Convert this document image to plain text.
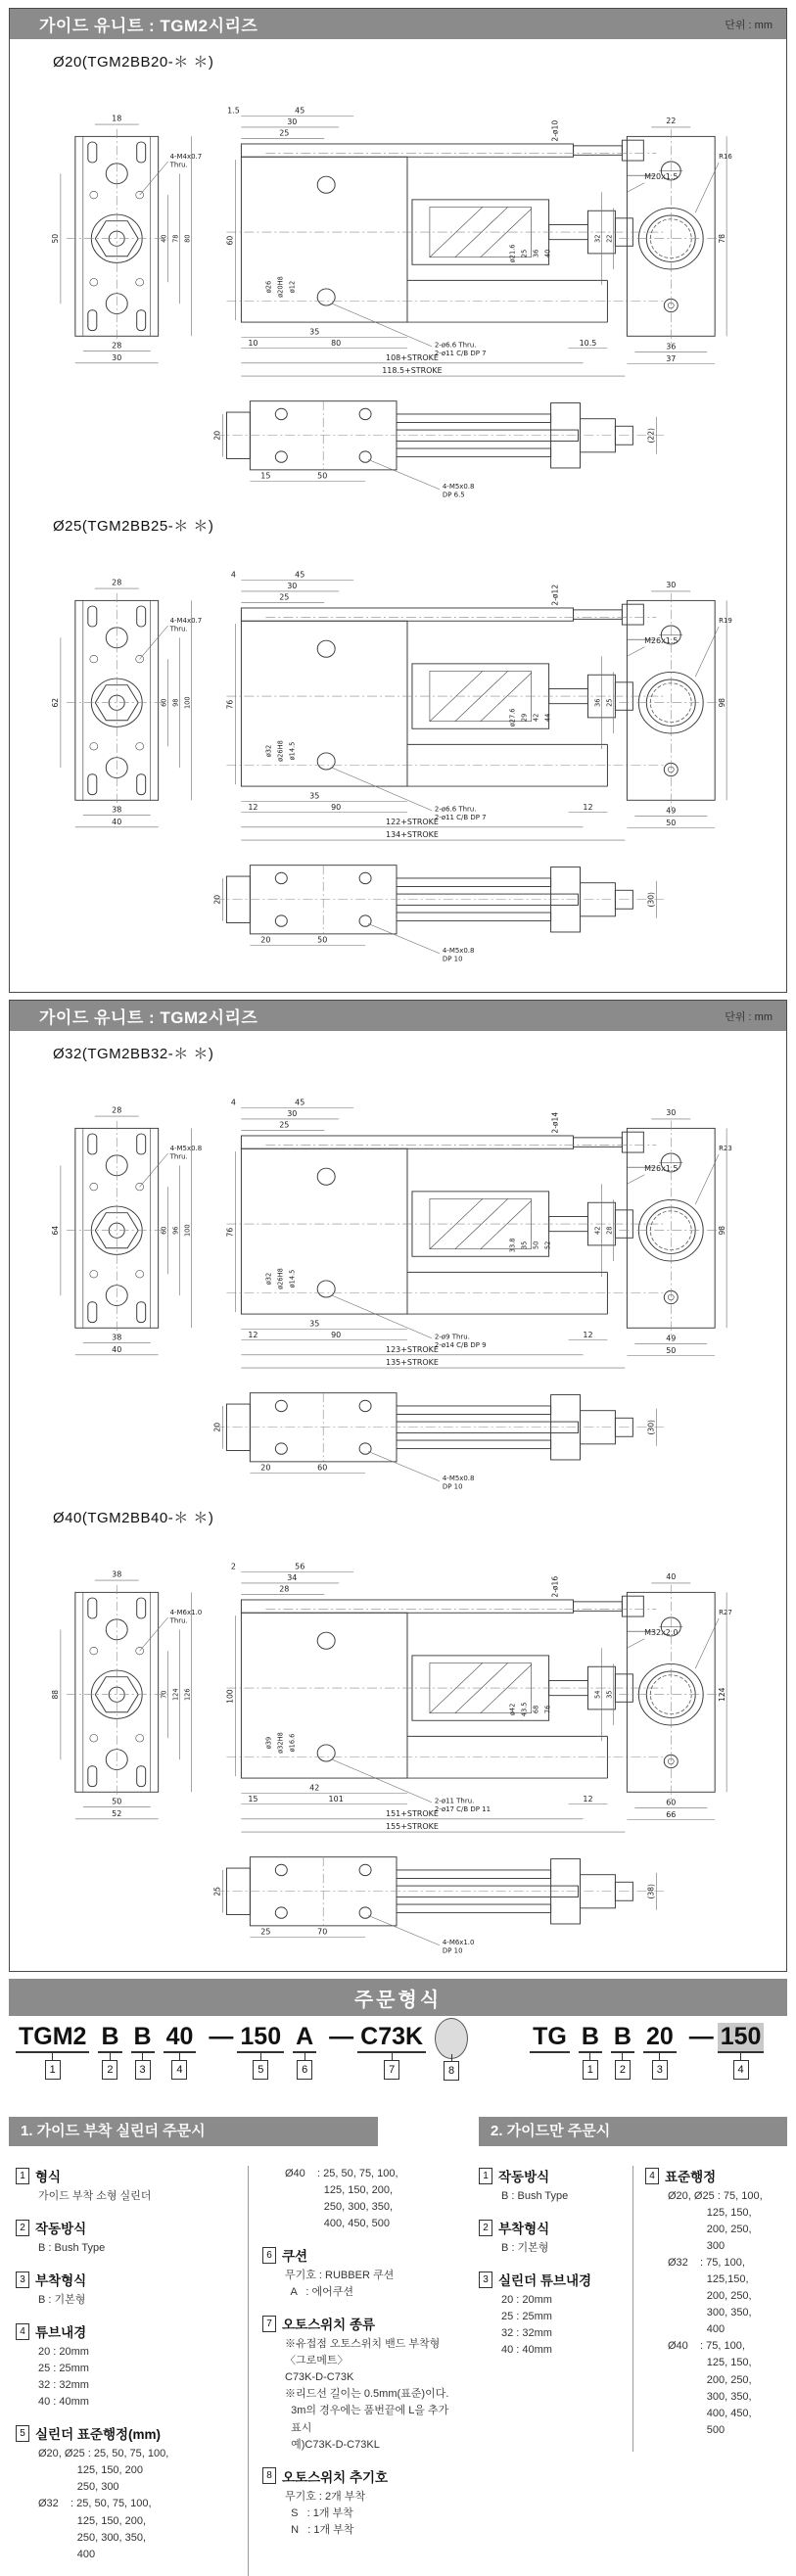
가이드 유니트 : TGM2시리즈	단위 : mm
Ø20(TGM2BB20-＊ ＊)
18
4-M4x0.7
Thru.
50	40 78 80
28
30
1.5	45
30
25	2-ø10
M20x1.5
ø26 ø20H8 ø12
60
ø21.6 25 36 40
2-ø6.6 Thru.
2-ø11 C/B DP 7
35
10	80	10.5
108+STROKE
118.5+STROKE
22
R16
22
32	78
36
37
20
4-M5x0.8
DP 6.5
15	50
(22)
Ø25(TGM2BB25-＊ ＊)
28
4-M4x0.7
Thru.
62	60 98 100
38
40
4	45
30
25	2-ø12
M26x1.5
ø32 ø26H8 ø14.5
76
ø27.6 29 42 44
2-ø6.6 Thru.
2-ø11 C/B DP 7
35
12	90	12
122+STROKE
134+STROKE
30
R19
25
36	98
49
50
20
4-M5x0.8
DP 10
20	50
(30)
가이드 유니트 : TGM2시리즈	단위 : mm
Ø32(TGM2BB32-＊ ＊)
28
4-M5x0.8
Thru.
64	60 96 100
38
40
4	45
30
25	2-ø14
M26x1.5
ø32 ø26H8 ø14.5
76
33.8 35 50 52
2-ø9 Thru.
2-ø14 C/B DP 9
35
12	90	12
123+STROKE
135+STROKE
30
R23
28
42	98
49
50
20
4-M5x0.8
DP 10
20	60
(30)
Ø40(TGM2BB40-＊ ＊)
38
4-M6x1.0
Thru.
88	70 124 126
50
52
2	56
34
28	2-ø16
M32x2.0
ø39 ø32H8 ø16.6
100
ø42 43.5 68 76
2-ø11 Thru.
2-ø17 C/B DP 11
42
15	101	12
151+STROKE
155+STROKE
40
R27
35
54	124
60
66
25
4-M6x1.0
DP 10
25	70
(38)
주문형식
TGM2
1
B
2
B
3
40
4
— 150
5
A
6
— C73K
7	8
TG B
1
B
2
20
3
— 150
4
1. 가이드 부착 실린더 주문시	2. 가이드만 주문시
1 형식
가이드 부착 소형 실린더
2 작동방식
B : Bush Type
3 부착형식
B : 기본형
4 튜브내경
20 : 20mm
25 : 25mm
32 : 32mm
40 : 40mm
5 실린더 표준행정(mm)
Ø20, Ø25 : 25, 50, 75, 100,
125, 150, 200
250, 300
Ø32    : 25, 50, 75, 100,
125, 150, 200,
250, 300, 350,
400
Ø40    : 25, 50, 75, 100,
125, 150, 200,
250, 300, 350,
400, 450, 500
6 쿠션
무기호 : RUBBER 쿠션
A   : 에어쿠션
7 오토스위치 종류
※유접점 오토스위치 밴드 부착형
〈그로메트〉
C73K-D-C73K
※리드선 길이는 0.5mm(표준)이다.
3m의 경우에는 품번끝에 L을 추가
표시
예)C73K-D-C73KL
8 오토스위치 추기호
무기호 : 2개 부착
S   : 1개 부착
N   : 1개 부착
1 작동방식
B : Bush Type
2 부착형식
B : 기본형
3 실린더 튜브내경
20 : 20mm
25 : 25mm
32 : 32mm
40 : 40mm
4 표준행정
Ø20, Ø25 : 75, 100,
125, 150,
200, 250,
300
Ø32    : 75, 100,
125,150,
200, 250,
300, 350,
400
Ø40    : 75, 100,
125, 150,
200, 250,
300, 350,
400, 450,
500
